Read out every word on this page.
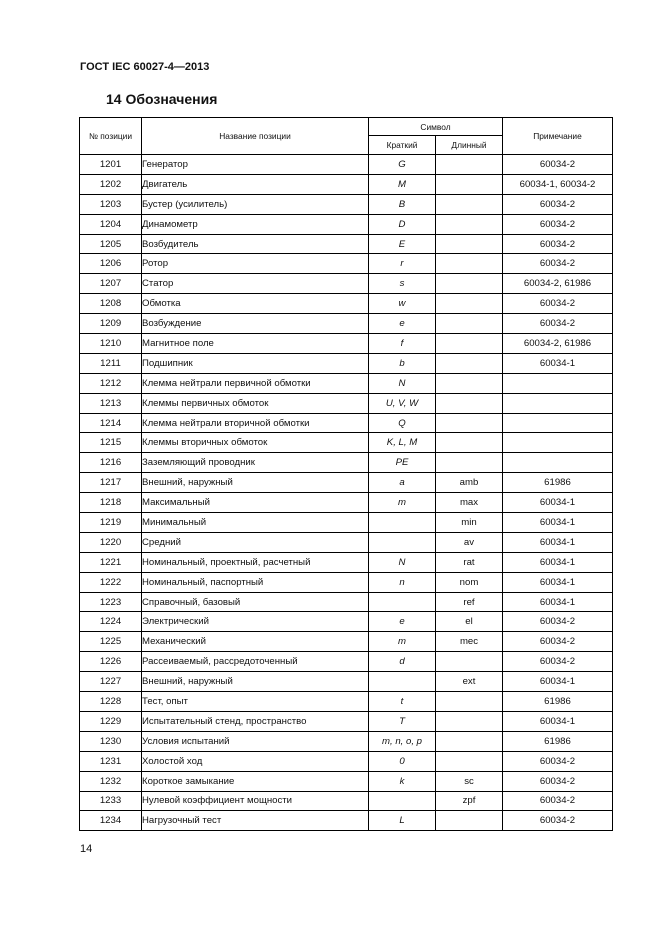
ГОСТ IEC 60027-4—2013
14 Обозначения
№ позиции	Название позиции	Символ		Примечание
		Краткий	Длинный	
1201	Генератор	G		60034-2
1202	Двигатель	M		60034-1, 60034-2
1203	Бустер (усилитель)	B		60034-2
1204	Динамометр	D		60034-2
1205	Возбудитель	E		60034-2
1206	Ротор	r		60034-2
1207	Статор	s		60034-2, 61986
1208	Обмотка	w		60034-2
1209	Возбуждение	e		60034-2
1210	Магнитное поле	f		60034-2, 61986
1211	Подшипник	b		60034-1
1212	Клемма нейтрали первичной обмотки	N		
1213	Клеммы первичных обмоток	U, V, W		
1214	Клемма нейтрали вторичной обмотки	Q		
1215	Клеммы вторичных обмоток	K, L, M		
1216	Заземляющий проводник	PE		
1217	Внешний, наружный	a	amb	61986
1218	Максимальный	m	max	60034-1
1219	Минимальный		min	60034-1
1220	Средний		av	60034-1
1221	Номинальный, проектный, расчетный	N	rat	60034-1
1222	Номинальный, паспортный	n	nom	60034-1
1223	Справочный, базовый		ref	60034-1
1224	Электрический	e	el	60034-2
1225	Механический	m	mec	60034-2
1226	Рассеиваемый, рассредоточенный	d		60034-2
1227	Внешний, наружный		ext	60034-1
1228	Тест, опыт	t		61986
1229	Испытательный стенд, пространство	T		60034-1
1230	Условия испытаний	m, n, o, p		61986
1231	Холостой ход	0		60034-2
1232	Короткое замыкание	k	sc	60034-2
1233	Нулевой коэффициент мощности		zpf	60034-2
1234	Нагрузочный тест	L		60034-2
14
